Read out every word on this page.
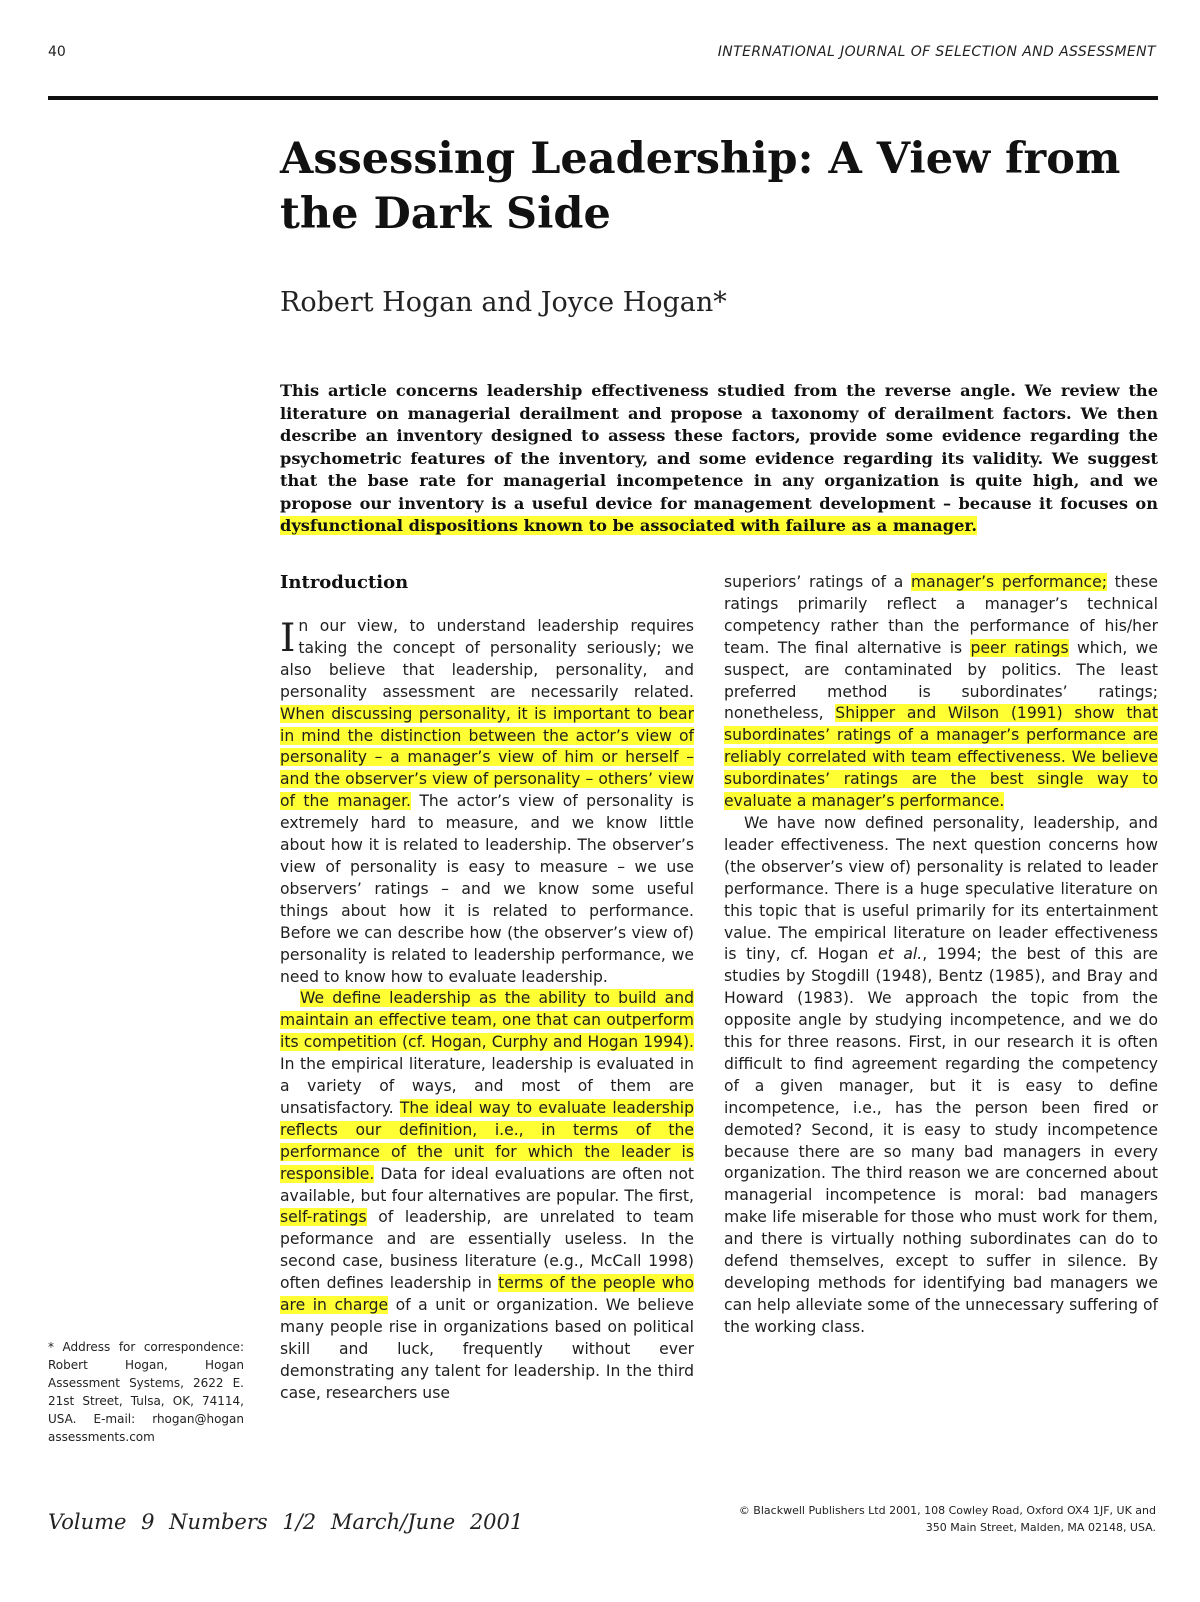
40	INTERNATIONAL JOURNAL OF SELECTION AND ASSESSMENT
Assessing Leadership: A View from the Dark Side
Robert Hogan and Joyce Hogan*

This article concerns leadership effectiveness studied from the reverse angle. We review the literature on managerial derailment and propose a taxonomy of derailment factors. We then describe an inventory designed to assess these factors, provide some evidence regarding the psychometric features of the inventory, and some evidence regarding its validity. We suggest that the base rate for managerial incompetence in any organization is quite high, and we propose our inventory is a useful device for management development – because it focuses on dysfunctional dispositions known to be associated with failure as a manager.

Introduction

In our view, to understand leadership requires taking the concept of personality seriously; we also believe that leadership, personality, and personality assessment are necessarily related. When discussing personality, it is important to bear in mind the distinction between the actor’s view of personality – a manager’s view of him or herself – and the observer’s view of personality – others’ view of the manager. The actor’s view of personality is extremely hard to measure, and we know little about how it is related to leadership. The observer’s view of personality is easy to measure – we use observers’ ratings – and we know some useful things about how it is related to performance. Before we can describe how (the observer’s view of) personality is related to leadership performance, we need to know how to evaluate leadership.

We define leadership as the ability to build and maintain an effective team, one that can outperform its competition (cf. Hogan, Curphy and Hogan 1994). In the empirical literature, leadership is evaluated in a variety of ways, and most of them are unsatisfactory. The ideal way to evaluate leadership reflects our definition, i.e., in terms of the performance of the unit for which the leader is responsible. Data for ideal evaluations are often not available, but four alternatives are popular. The first, self-ratings of leadership, are unrelated to team peformance and are essentially useless. In the second case, business literature (e.g., McCall 1998) often defines leadership in terms of the people who are in charge of a unit or organization. We believe many people rise in organizations based on political skill and luck, frequently without ever demonstrating any talent for leadership. In the third case, researchers use

superiors’ ratings of a manager’s performance; these ratings primarily reflect a manager’s technical competency rather than the performance of his/her team. The final alternative is peer ratings which, we suspect, are contaminated by politics. The least preferred method is subordinates’ ratings; nonetheless, Shipper and Wilson (1991) show that subordinates’ ratings of a manager’s performance are reliably correlated with team effectiveness. We believe subordinates’ ratings are the best single way to evaluate a manager’s performance.

We have now defined personality, leadership, and leader effectiveness. The next question concerns how (the observer’s view of) personality is related to leader performance. There is a huge speculative literature on this topic that is useful primarily for its entertainment value. The empirical literature on leader effectiveness is tiny, cf. Hogan et al., 1994; the best of this are studies by Stogdill (1948), Bentz (1985), and Bray and Howard (1983). We approach the topic from the opposite angle by studying incompetence, and we do this for three reasons. First, in our research it is often difficult to find agreement regarding the competency of a given manager, but it is easy to define incompetence, i.e., has the person been fired or demoted? Second, it is easy to study incompetence because there are so many bad managers in every organization. The third reason we are concerned about managerial incompetence is moral: bad managers make life miserable for those who must work for them, and there is virtually nothing subordinates can do to defend themselves, except to suffer in silence. By developing methods for identifying bad managers we can help alleviate some of the unnecessary suffering of the working class.

* Address for correspondence: Robert Hogan, Hogan Assessment Systems, 2622 E. 21st Street, Tulsa, OK, 74114, USA. E-mail: rhogan@hogan assessments.com
Volume 9 Numbers 1/2 March/June 2001	© Blackwell Publishers Ltd 2001, 108 Cowley Road, Oxford OX4 1JF, UK and
350 Main Street, Malden, MA 02148, USA.
